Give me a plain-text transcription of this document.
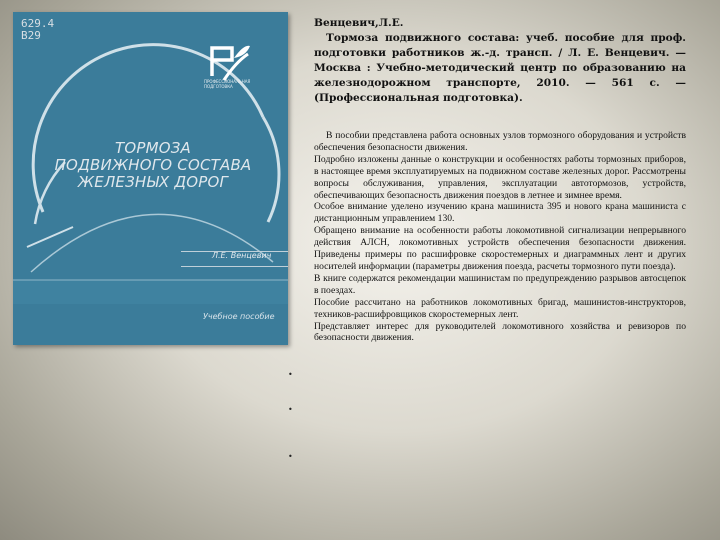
629.4
В29
ПРОФЕССИОНАЛЬНАЯ ПОДГОТОВКА
ТОРМОЗА
ПОДВИЖНОГО СОСТАВА
ЖЕЛЕЗНЫХ ДОРОГ
Л.Е. Венцевич
Учебное пособие
Венцевич,Л.Е.
Тормоза подвижного состава: учеб. пособие для проф. подготовки работников ж.-д. трансп. / Л. Е. Венцевич. — Москва : Учебно-методический центр по образованию на железнодорожном транспорте, 2010. — 561 с. — (Профессиональная подготовка).

В пособии представлена работа основных узлов тормозного оборудования и устройств обеспечения безопасности движения.

Подробно изложены данные о конструкции и особенностях работы тормозных приборов, в настоящее время эксплуатируемых на подвижном составе железных дорог. Рассмотрены вопросы обслуживания, управления, эксплуатации автотормозов, устройств, обеспечивающих безопасность движения поездов в летнее и зимнее время.

Особое внимание уделено изучению крана машиниста 395 и нового крана машиниста с дистанционным управлением 130.

Обращено внимание на особенности работы локомотивной сигнализации непрерывного действия АЛСН, локомотивных устройств обеспечения безопасности движения. Приведены примеры по расшифровке скоростемерных и диаграммных лент и других носителей информации (параметры движения поезда, расчеты тормозного пути поезда).

В книге содержатся рекомендации машинистам по предупреждению разрывов автосцепок в поездах.

Пособие рассчитано на работников локомотивных бригад, машинистов-инструкторов, техников-расшифровщиков скоростемерных лент.

Представляет интерес для руководителей локомотивного хозяйства и ревизоров по безопасности движения.

•
•
•
